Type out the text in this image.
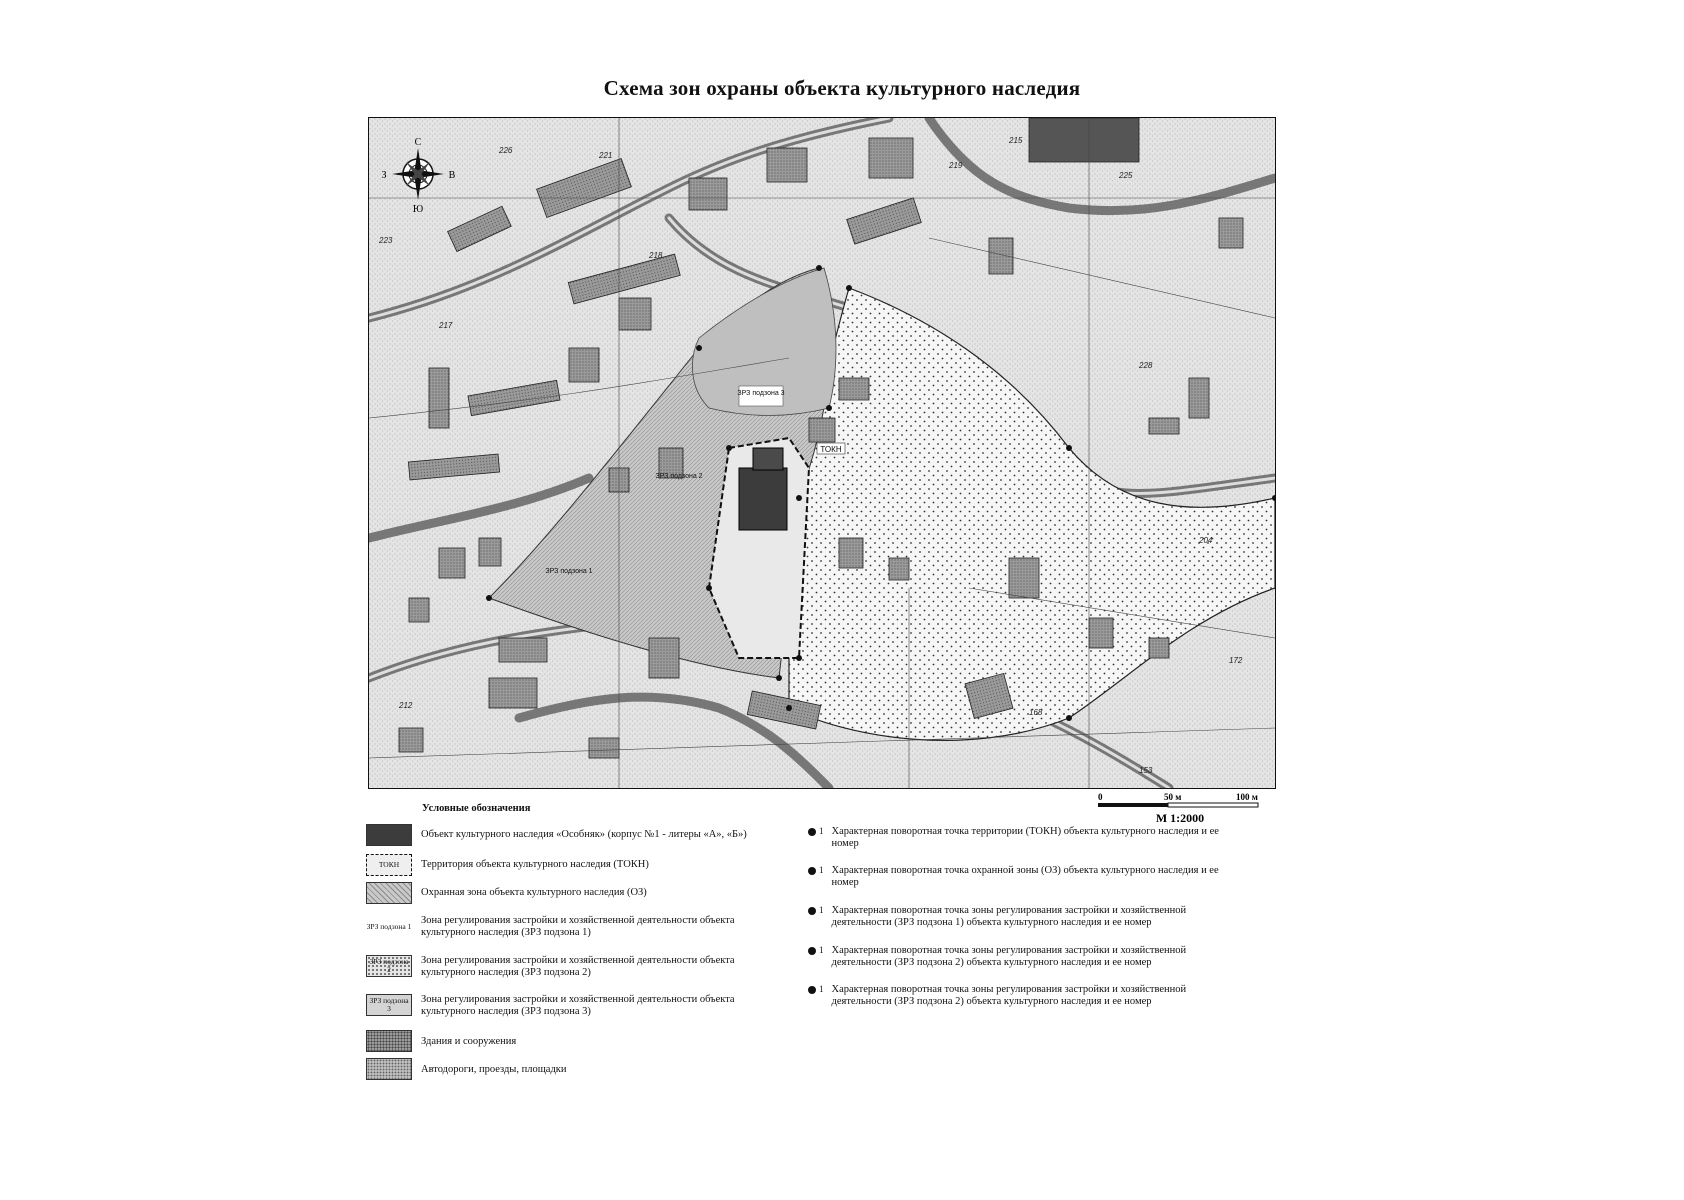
Схема зон охраны объекта культурного наследия
ЗРЗ подзона 3
ЗРЗ подзона 2
ЗРЗ подзона 1
ТОКН
226
221
217
218
219
225
223
215
228
204
172
168
153
212
С
Ю
З	В
0	50 м	100 м
М 1:2000
Условные обозначения
Объект культурного наследия «Особняк» (корпус №1 - литеры «А», «Б»)
ТОКН	Территория объекта культурного наследия (ТОКН)
Охранная зона объекта культурного наследия (ОЗ)
ЗРЗ подзона 1
Зона регулирования застройки и хозяйственной деятельности объекта культурного наследия (ЗРЗ подзона 1)
ЗРЗ подзона 2
Зона регулирования застройки и хозяйственной деятельности объекта культурного наследия (ЗРЗ подзона 2)
ЗРЗ подзона 3
Зона регулирования застройки и хозяйственной деятельности объекта культурного наследия (ЗРЗ подзона 3)
Здания и сооружения
Автодороги, проезды, площадки
1 Характерная поворотная точка территории (ТОКН) объекта культурного наследия и ее номер
1 Характерная поворотная точка охранной зоны (ОЗ) объекта культурного наследия и ее номер
1 Характерная поворотная точка зоны регулирования застройки и хозяйственной деятельности (ЗРЗ подзона 1) объекта культурного наследия и ее номер
1 Характерная поворотная точка зоны регулирования застройки и хозяйственной деятельности (ЗРЗ подзона 2) объекта культурного наследия и ее номер
1 Характерная поворотная точка зоны регулирования застройки и хозяйственной деятельности (ЗРЗ подзона 2) объекта культурного наследия и ее номер
